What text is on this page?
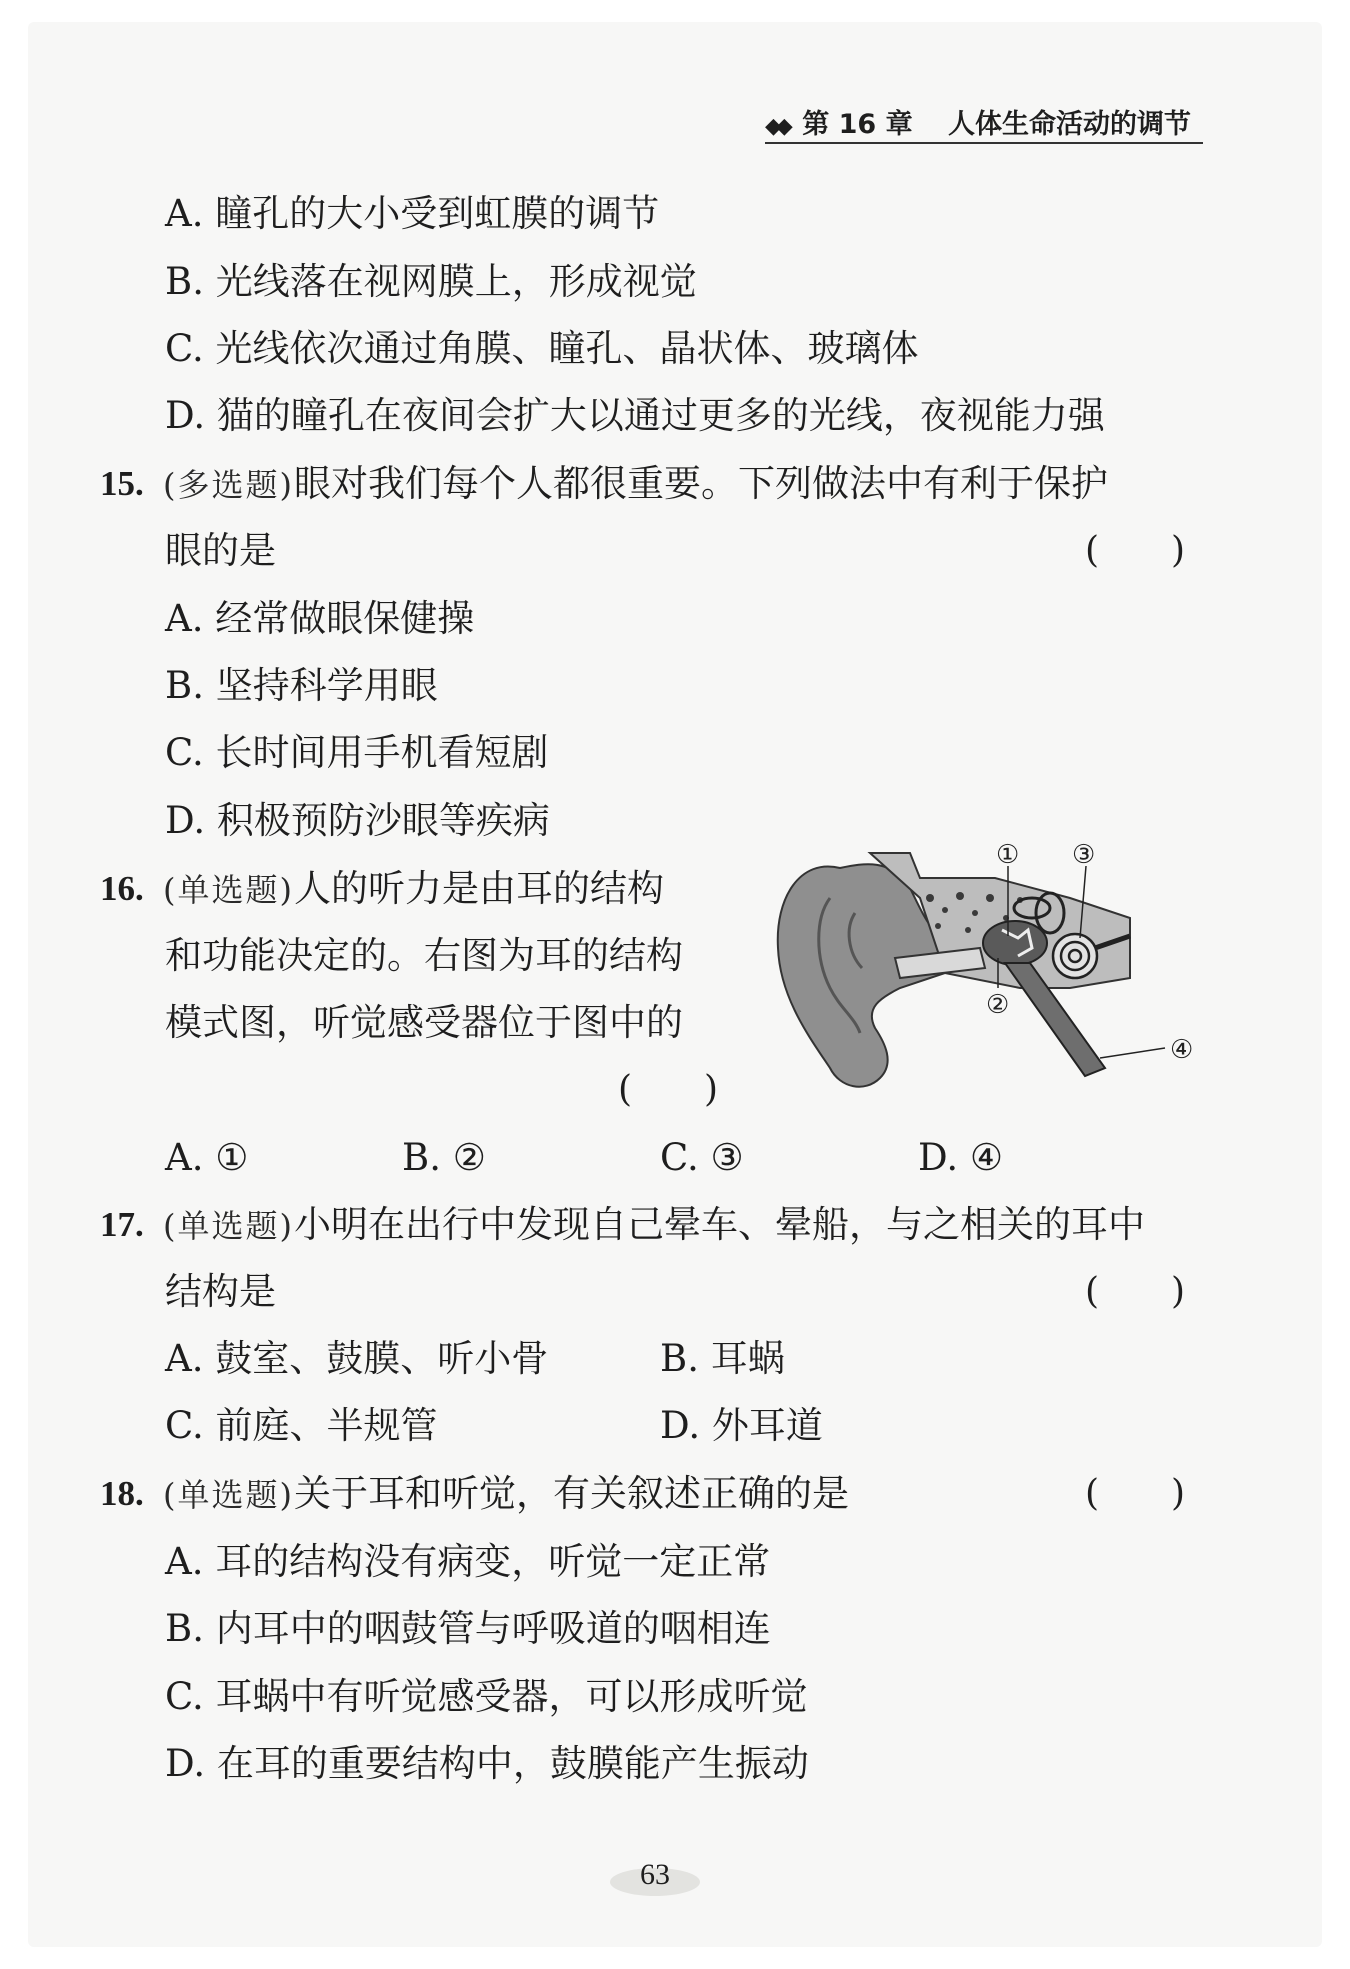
◆◆ 第 16 章 人体生命活动的调节
A. 瞳孔的大小受到虹膜的调节
B. 光线落在视网膜上，形成视觉
C. 光线依次通过角膜、瞳孔、晶状体、玻璃体
D. 猫的瞳孔在夜间会扩大以通过更多的光线，夜视能力强
15. (多选题)眼对我们每个人都很重要。下列做法中有利于保护
眼的是	(　　)
A. 经常做眼保健操
B. 坚持科学用眼
C. 长时间用手机看短剧
D. 积极预防沙眼等疾病
16. (单选题)人的听力是由耳的结构
和功能决定的。右图为耳的结构
模式图，听觉感受器位于图中的
(　　)
① ③
②
④
A. ①	B. ②	C. ③	D. ④
17. (单选题)小明在出行中发现自己晕车、晕船，与之相关的耳中
结构是	(　　)
A. 鼓室、鼓膜、听小骨	B. 耳蜗
C. 前庭、半规管	D. 外耳道
18. (单选题)关于耳和听觉，有关叙述正确的是	(　　)
A. 耳的结构没有病变，听觉一定正常
B. 内耳中的咽鼓管与呼吸道的咽相连
C. 耳蜗中有听觉感受器，可以形成听觉
D. 在耳的重要结构中，鼓膜能产生振动
63
